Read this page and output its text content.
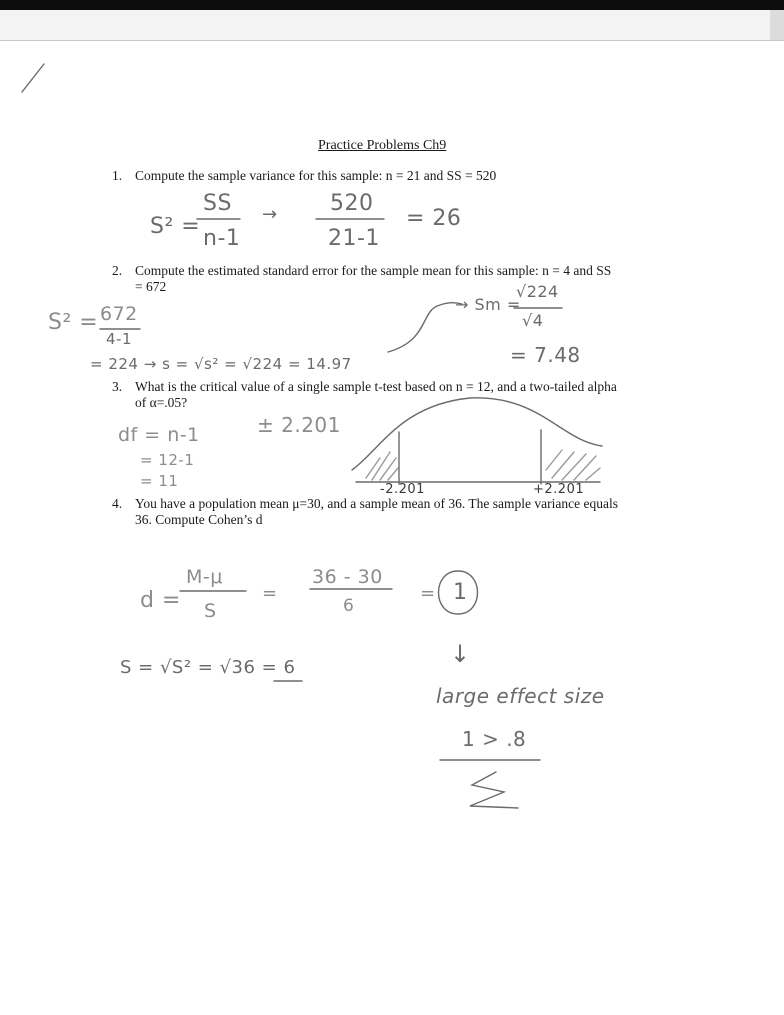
Practice Problems Ch9
1. Compute the sample variance for this sample: n = 21 and SS = 520
S² =
SS
n-1
→ 520
21-1
= 26
2. Compute the estimated standard error for the sample mean for this sample: n = 4 and SS
= 672
S² = 672
4-1
= 224 → s = √s² = √224 = 14.97
→ Sm =
√224
√4
= 7.48
3. What is the critical value of a single sample t-test based on n = 12, and a two-tailed alpha
of α=.05?
df = n-1
= 12-1
= 11
± 2.201
-2.201	+2.201
4. You have a population mean μ=30, and a sample mean of 36. The sample variance equals
36. Compute Cohen’s d
d =
M-μ
S
=
36 - 30
6
= 1
S = √S² = √36 = 6	↓
large effect size
1 > .8
